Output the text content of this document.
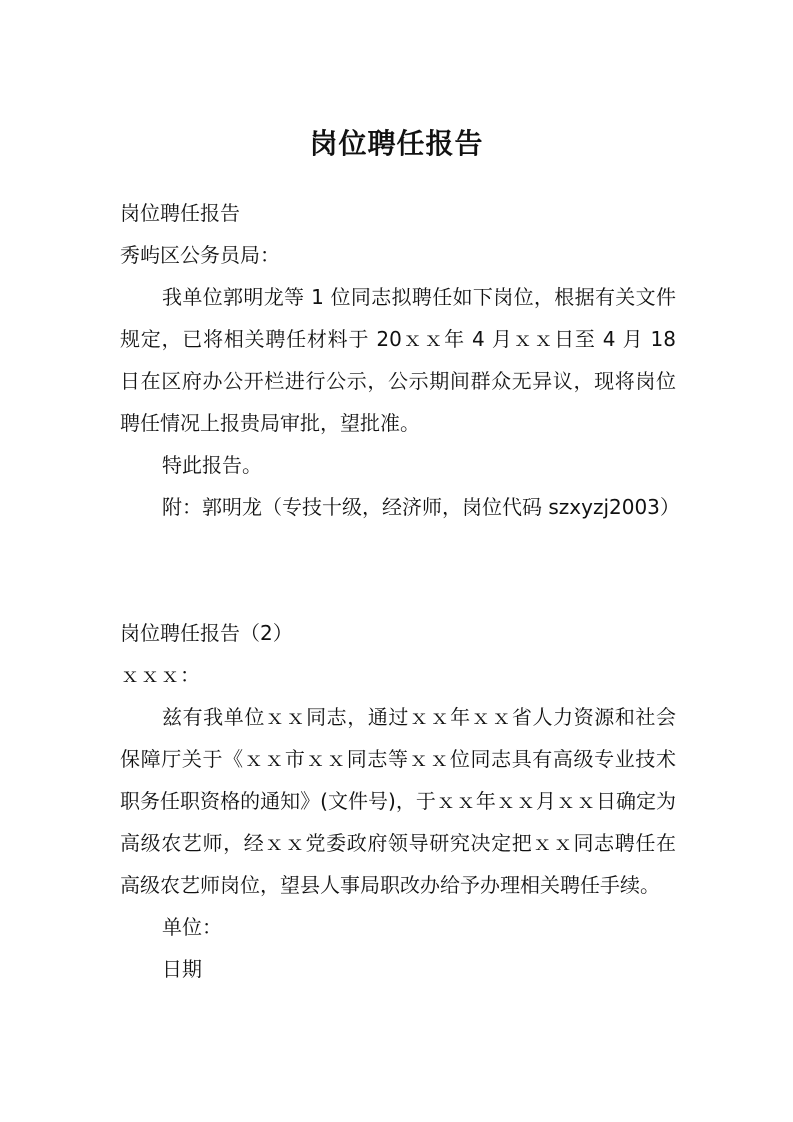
岗位聘任报告

岗位聘任报告

秀屿区公务员局：

我单位郭明龙等 1 位同志拟聘任如下岗位，根据有关文件规定，已将相关聘任材料于 20ｘｘ年 4 月ｘｘ日至 4 月 18 日在区府办公开栏进行公示，公示期间群众无异议，现将岗位聘任情况上报贵局审批，望批准。

特此报告。

附：郭明龙（专技十级，经济师，岗位代码 szxyzj2003）

岗位聘任报告（2）

ｘｘｘ：

兹有我单位ｘｘ同志，通过ｘｘ年ｘｘ省人力资源和社会保障厅关于《ｘｘ市ｘｘ同志等ｘｘ位同志具有高级专业技术职务任职资格的通知》(文件号)，于ｘｘ年ｘｘ月ｘｘ日确定为高级农艺师，经ｘｘ党委政府领导研究决定把ｘｘ同志聘任在高级农艺师岗位，望县人事局职改办给予办理相关聘任手续。

单位：

日期
